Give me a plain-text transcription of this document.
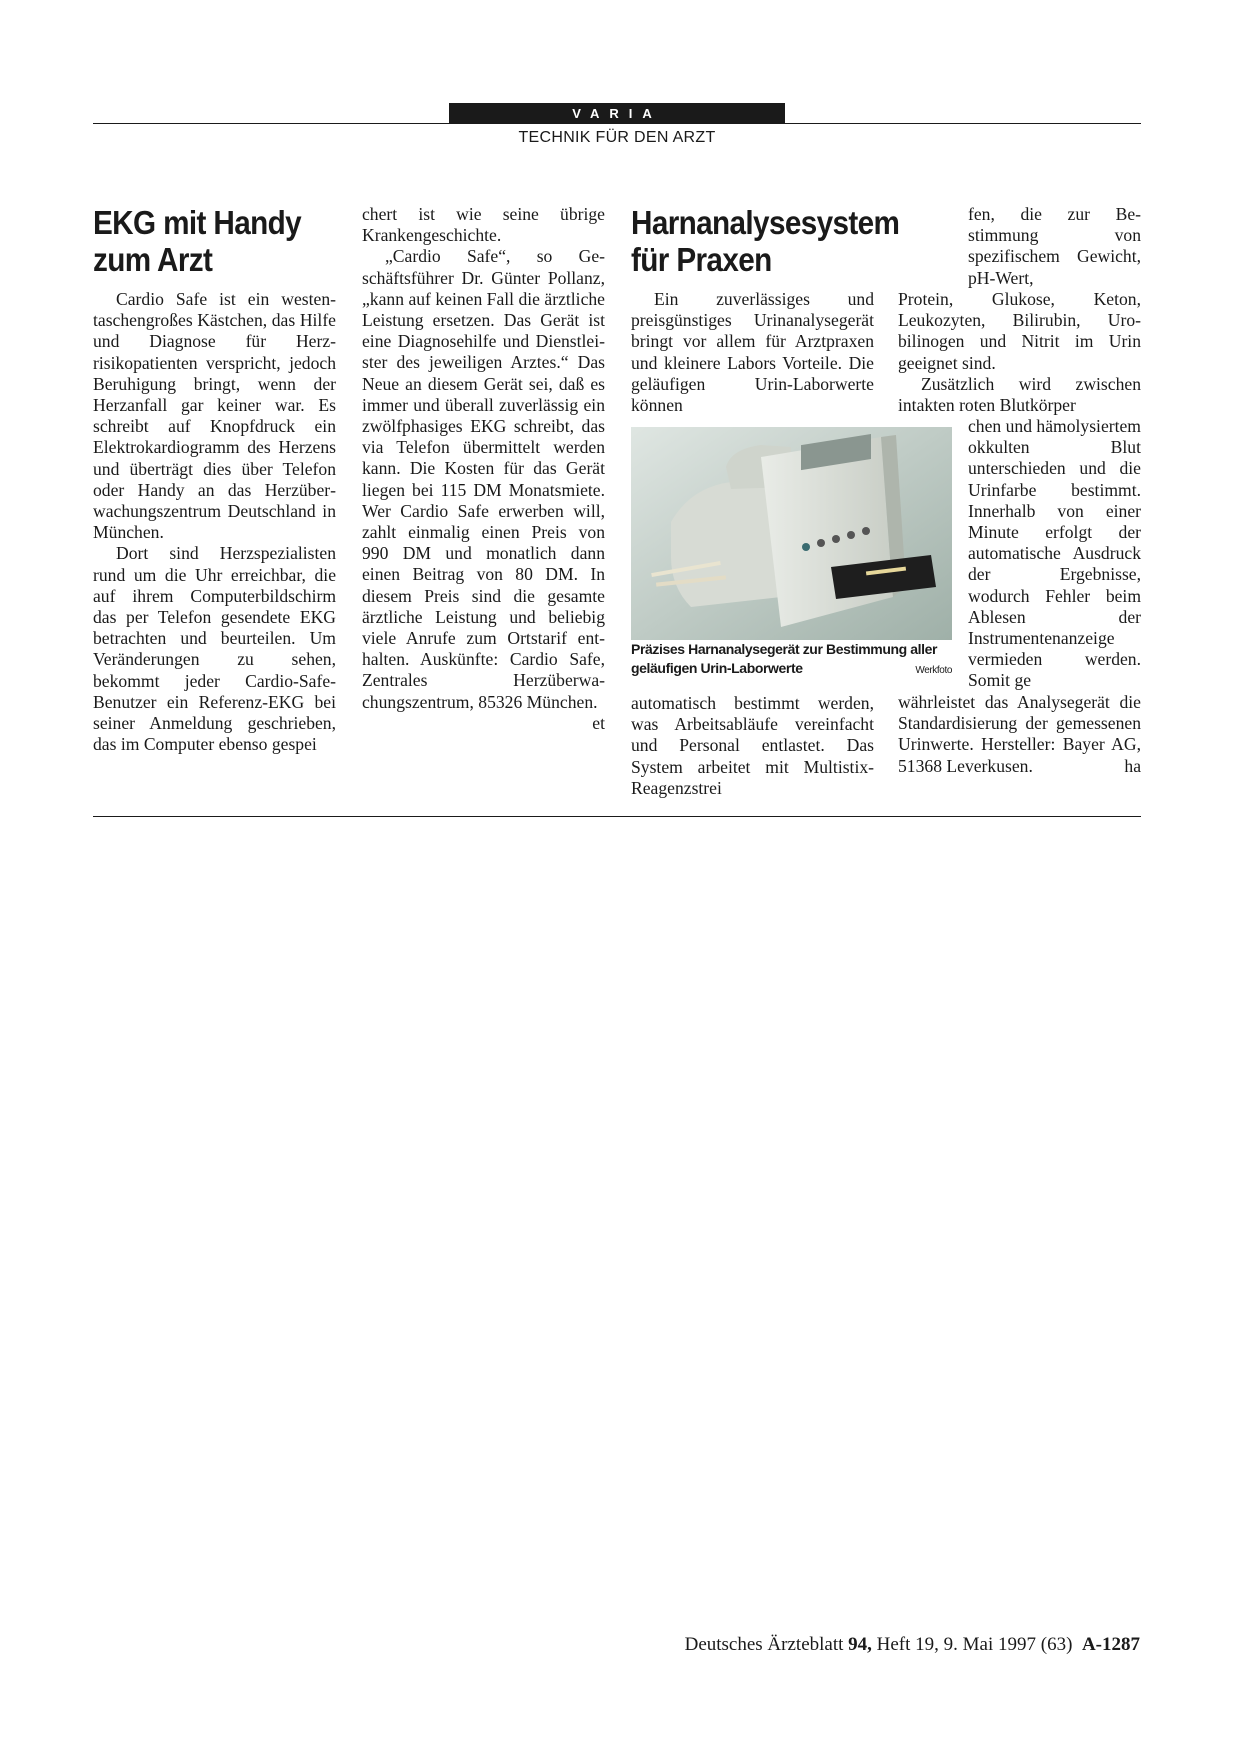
VARIA
TECHNIK FÜR DEN ARZT
EKG mit Handy
zum Arzt

Cardio Safe ist ein westentaschengroßes Kästchen, das Hilfe und Diagnose für Herzrisikopatienten verspricht, jedoch Beruhigung bringt, wenn der Herzanfall gar keiner war. Es schreibt auf Knopfdruck ein Elektrokardiogramm des Herzens und überträgt dies über Telefon oder Handy an das Herzüberwachungszentrum Deutschland in München.

Dort sind Herzspezialisten rund um die Uhr erreichbar, die auf ihrem Computerbildschirm das per Telefon gesendete EKG betrachten und beurteilen. Um Veränderungen zu sehen, bekommt jeder Cardio-Safe-Benutzer ein Referenz-EKG bei seiner Anmeldung geschrieben, das im Computer ebenso gespei

chert ist wie seine übrige Krankengeschichte.

„Cardio Safe“, so Geschäftsführer Dr. Günter Pollanz, „kann auf keinen Fall die ärztliche Leistung ersetzen. Das Gerät ist eine Diagnosehilfe und Dienstleister des jeweiligen Arztes.“ Das Neue an diesem Gerät sei, daß es immer und überall zuverlässig ein zwölfphasiges EKG schreibt, das via Telefon übermittelt werden kann. Die Kosten für das Gerät liegen bei 115 DM Monatsmiete. Wer Cardio Safe erwerben will, zahlt einmalig einen Preis von 990 DM und monatlich dann einen Beitrag von 80 DM. In diesem Preis sind die gesamte ärztliche Leistung und beliebig viele Anrufe zum Ortstarif enthalten. Auskünfte: Cardio Safe, Zentrales Herzüberwachungszentrum, 85326 München.
et

Harnanalysesystem
für Praxen

Ein zuverlässiges und preisgünstiges Urinanalysegerät bringt vor allem für Arztpraxen und kleinere Labors Vorteile. Die geläufigen Urin-Laborwerte können

Präzises Harnanalysegerät zur Bestimmung aller geläufigen Urin-Laborwerte	Werkfoto

automatisch bestimmt werden, was Arbeitsabläufe vereinfacht und Personal entlastet. Das System arbeitet mit Multistix-Reagenzstrei

fen, die zur Bestimmung von spezifischem Gewicht, pH-Wert,

Protein, Glukose, Keton, Leukozyten, Bilirubin, Urobilinogen und Nitrit im Urin geeignet sind.

Zusätzlich wird zwischen intakten roten Blutkörper

chen und hämolysiertem okkulten Blut unterschieden und die Urinfarbe bestimmt. Innerhalb von einer Minute erfolgt der automatische Ausdruck der Ergebnisse, wodurch Fehler beim Ablesen der Instrumentenanzeige vermieden werden. Somit ge

währleistet das Analysegerät die Standardisierung der gemessenen Urinwerte. Hersteller: Bayer AG, 51368 Leverkusen.	ha

Deutsches Ärzteblatt 94, Heft 19, 9. Mai 1997 (63) A-1287
